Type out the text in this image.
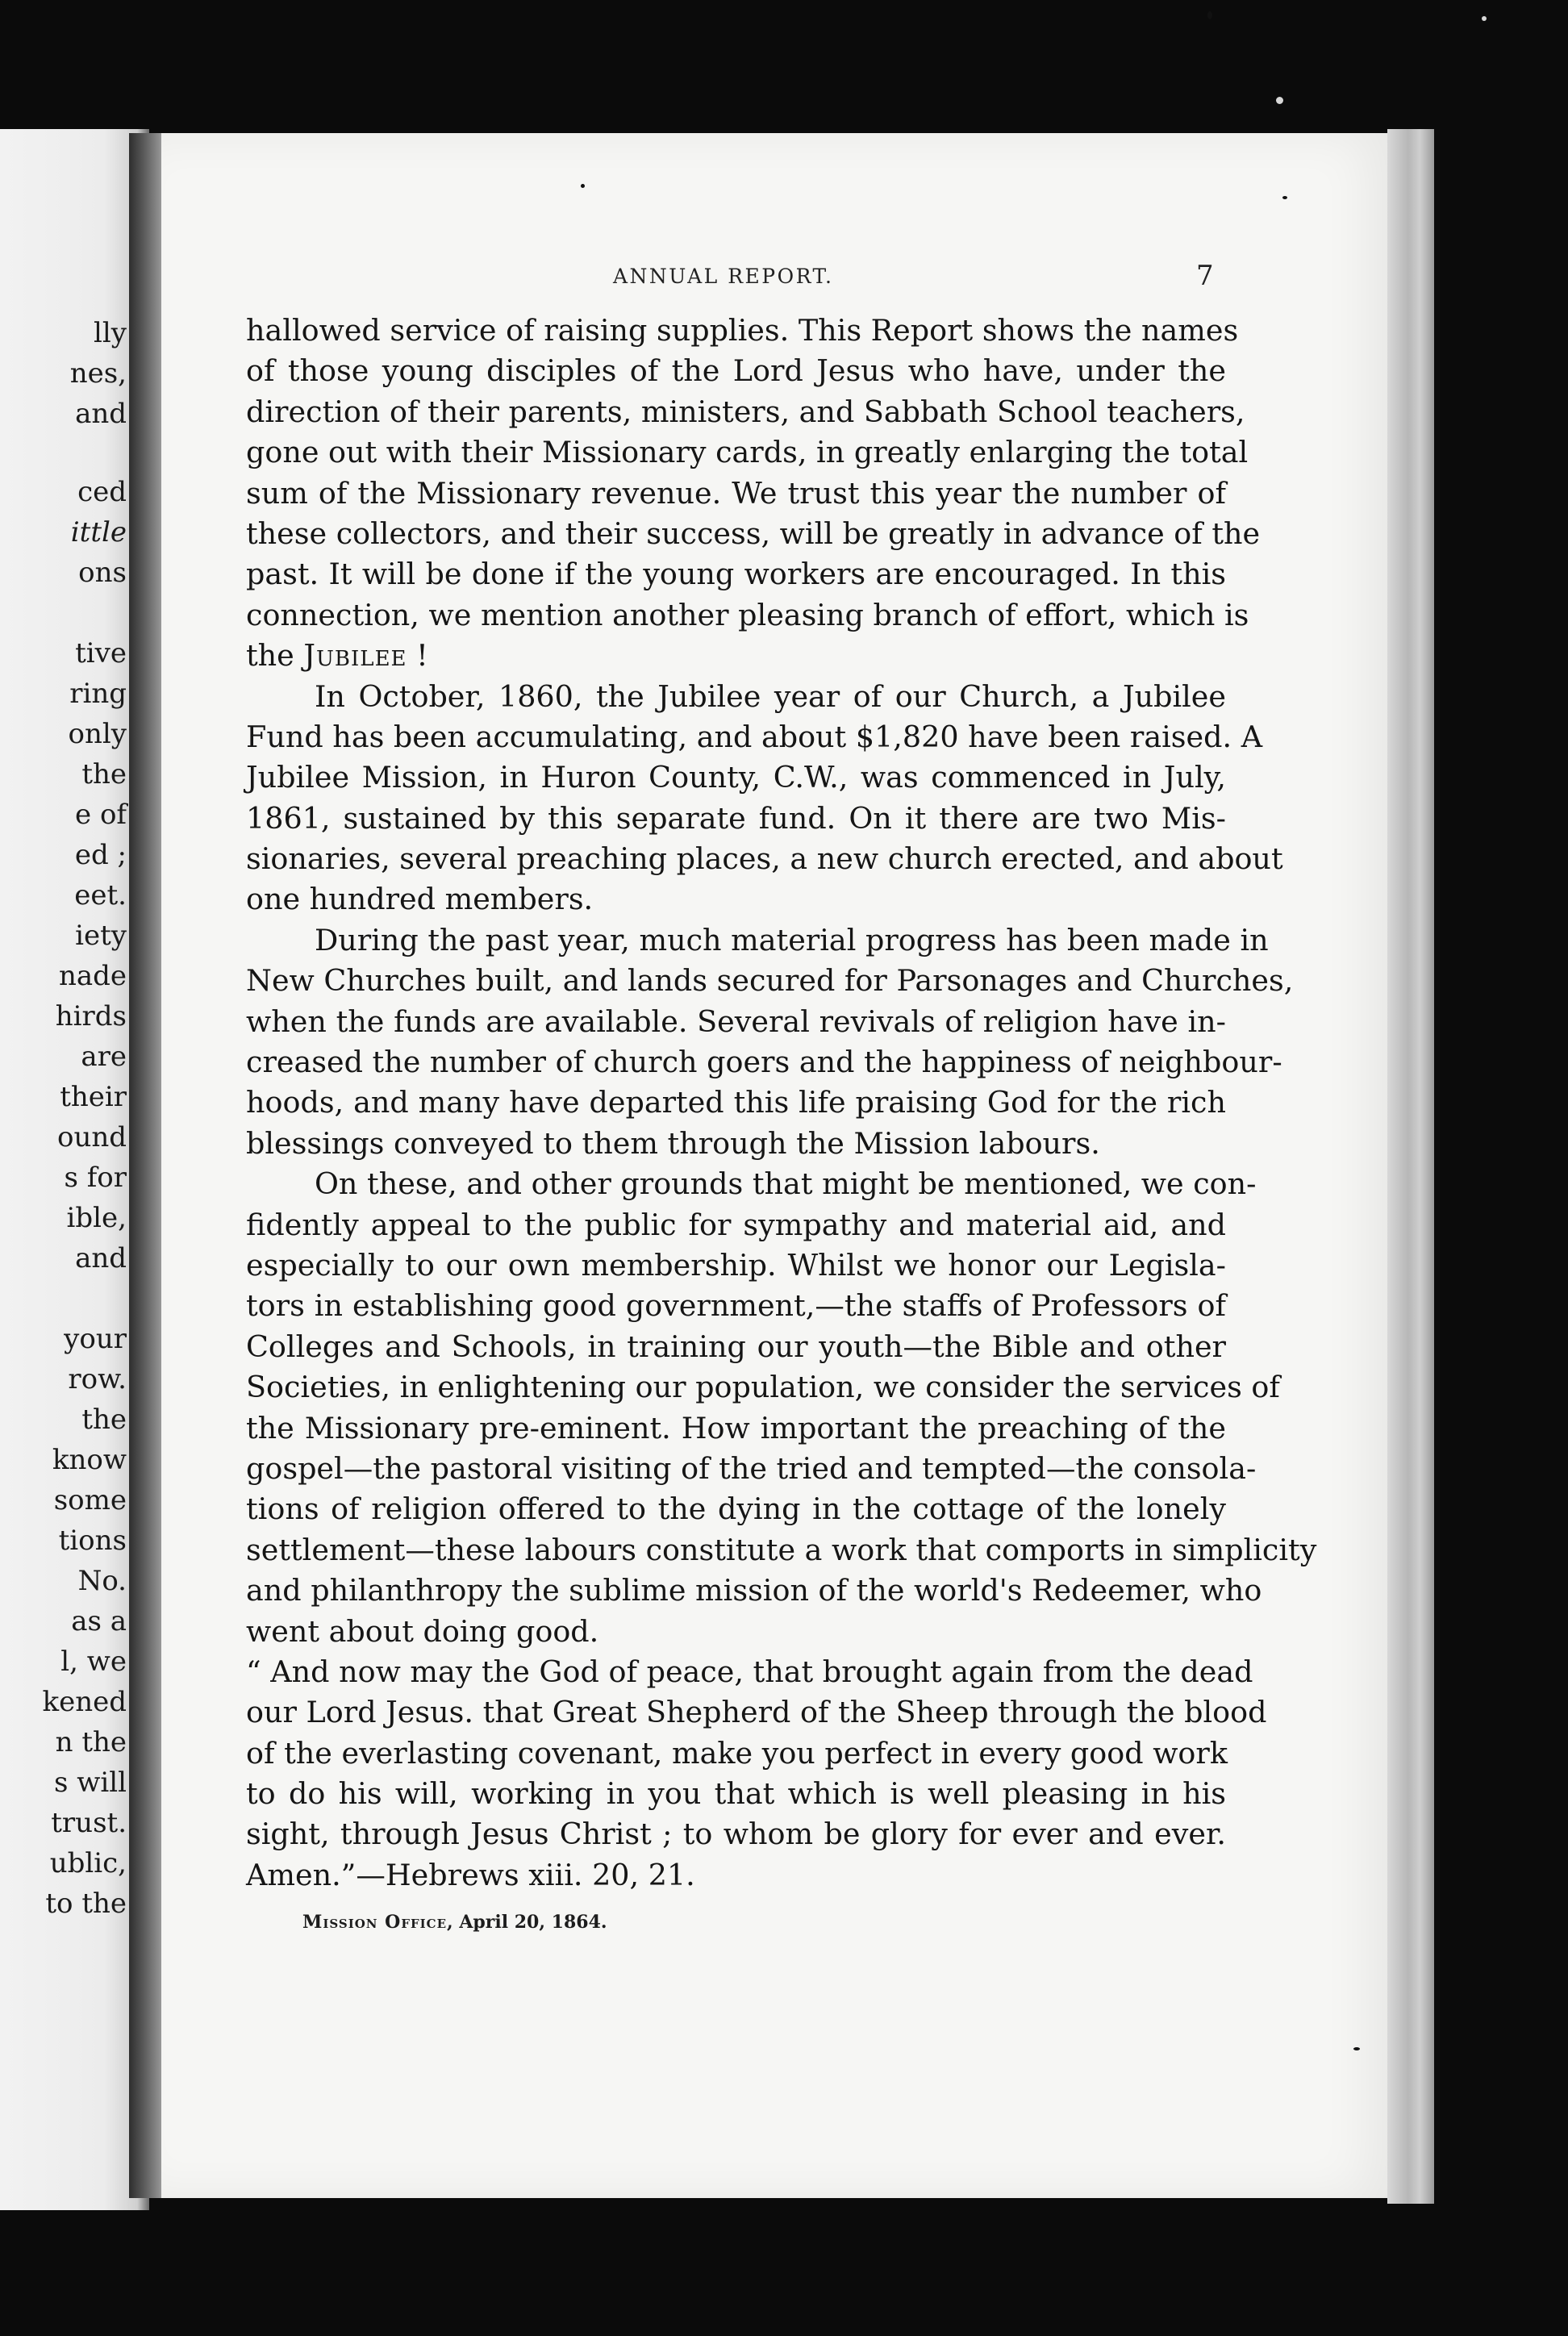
lly
nes,
and
ced
ittle
ons
tive
ring
only
the
e of
ed ;
eet.
iety
nade
hirds
are
their
ound
s for
ible,
and
your
row.
the
know
some
tions
No.
as a
l, we
kened
n the
s will
trust.
ublic,
to the
ANNUAL REPORT.	7
hallowed service of raising supplies. This Report shows the names
of those young disciples of the Lord Jesus who have, under the
direction of their parents, ministers, and Sabbath School teachers,
gone out with their Missionary cards, in greatly enlarging the total
sum of the Missionary revenue. We trust this year the number of
these collectors, and their success, will be greatly in advance of the
past. It will be done if the young workers are encouraged. In this
connection, we mention another pleasing branch of effort, which is
the Jubilee !
In October, 1860, the Jubilee year of our Church, a Jubilee
Fund has been accumulating, and about $1,820 have been raised. A
Jubilee Mission, in Huron County, C.W., was commenced in July,
1861, sustained by this separate fund. On it there are two Mis-
sionaries, several preaching places, a new church erected, and about
one hundred members.
During the past year, much material progress has been made in
New Churches built, and lands secured for Parsonages and Churches,
when the funds are available. Several revivals of religion have in-
creased the number of church goers and the happiness of neighbour-
hoods, and many have departed this life praising God for the rich
blessings conveyed to them through the Mission labours.
On these, and other grounds that might be mentioned, we con-
fidently appeal to the public for sympathy and material aid, and
especially to our own membership. Whilst we honor our Legisla-
tors in establishing good government,—the staffs of Professors of
Colleges and Schools, in training our youth—the Bible and other
Societies, in enlightening our population, we consider the services of
the Missionary pre-eminent. How important the preaching of the
gospel—the pastoral visiting of the tried and tempted—the consola-
tions of religion offered to the dying in the cottage of the lonely
settlement—these labours constitute a work that comports in simplicity
and philanthropy the sublime mission of the world's Redeemer, who
went about doing good.
“ And now may the God of peace, that brought again from the dead
our Lord Jesus. that Great Shepherd of the Sheep through the blood
of the everlasting covenant, make you perfect in every good work
to do his will, working in you that which is well pleasing in his
sight, through Jesus Christ ; to whom be glory for ever and ever.
Amen.”—Hebrews xiii. 20, 21.
Mission Office, April 20, 1864.
